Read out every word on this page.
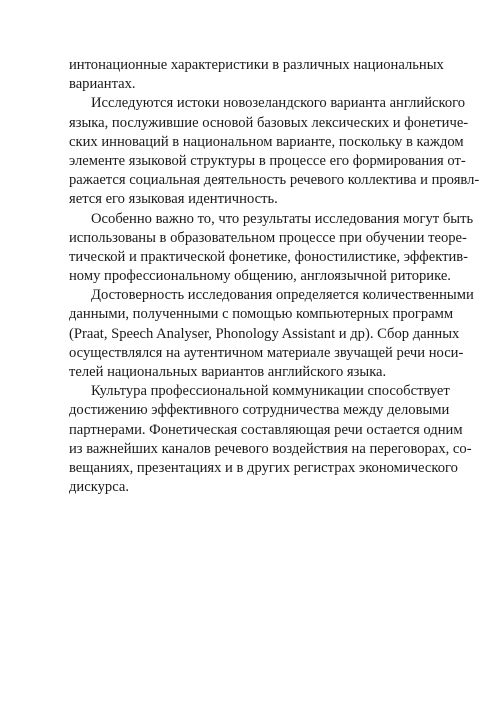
интонационные характеристики в различных национальных
вариантах.
Исследуются истоки новозеландского варианта английского
языка, послужившие основой базовых лексических и фонетиче-
ских инноваций в национальном варианте, поскольку в каждом
элементе языковой структуры в процессе его формирования от-
ражается социальная деятельность речевого коллектива и проявл-
яется его языковая идентичность.
Особенно важно то, что результаты исследования могут быть
использованы в образовательном процессе при обучении теоре-
тической и практической фонетике, фоностилистике, эффектив-
ному профессиональному общению, англоязычной риторике.
Достоверность исследования определяется количественными
данными, полученными с помощью компьютерных программ
(Praat, Speech Analyser, Phonology Assistant и др). Сбор данных
осуществлялся на аутентичном материале звучащей речи носи-
телей национальных вариантов английского языка.
Культура профессиональной коммуникации способствует
достижению эффективного сотрудничества между деловыми
партнерами. Фонетическая составляющая речи остается одним
из важнейших каналов речевого воздействия на переговорах, со-
вещаниях, презентациях и в других регистрах экономического
дискурса.
